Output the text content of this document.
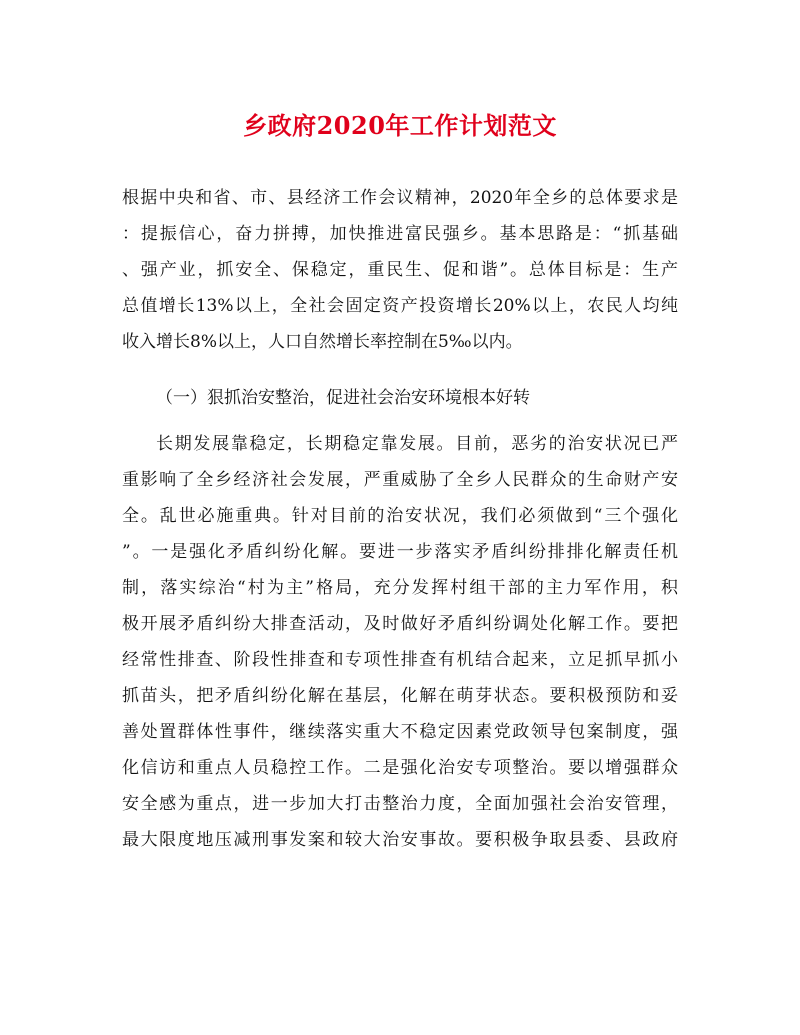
乡政府2020年工作计划范文
根据中央和省、市、县经济工作会议精神，2020年全乡的总体要求是
：提振信心，奋力拼搏，加快推进富民强乡。基本思路是：“抓基础
、强产业，抓安全、保稳定，重民生、促和谐”。总体目标是：生产
总值增长13%以上，全社会固定资产投资增长20%以上，农民人均纯
收入增长8%以上，人口自然增长率控制在5‰以内。
（一）狠抓治安整治，促进社会治安环境根本好转
长期发展靠稳定，长期稳定靠发展。目前，恶劣的治安状况已严
重影响了全乡经济社会发展，严重威胁了全乡人民群众的生命财产安
全。乱世必施重典。针对目前的治安状况，我们必须做到“三个强化
”。一是强化矛盾纠纷化解。要进一步落实矛盾纠纷排排化解责任机
制，落实综治“村为主”格局，充分发挥村组干部的主力军作用，积
极开展矛盾纠纷大排查活动，及时做好矛盾纠纷调处化解工作。要把
经常性排查、阶段性排查和专项性排查有机结合起来，立足抓早抓小
抓苗头，把矛盾纠纷化解在基层，化解在萌芽状态。要积极预防和妥
善处置群体性事件，继续落实重大不稳定因素党政领导包案制度，强
化信访和重点人员稳控工作。二是强化治安专项整治。要以增强群众
安全感为重点，进一步加大打击整治力度，全面加强社会治安管理，
最大限度地压减刑事发案和较大治安事故。要积极争取县委、县政府
